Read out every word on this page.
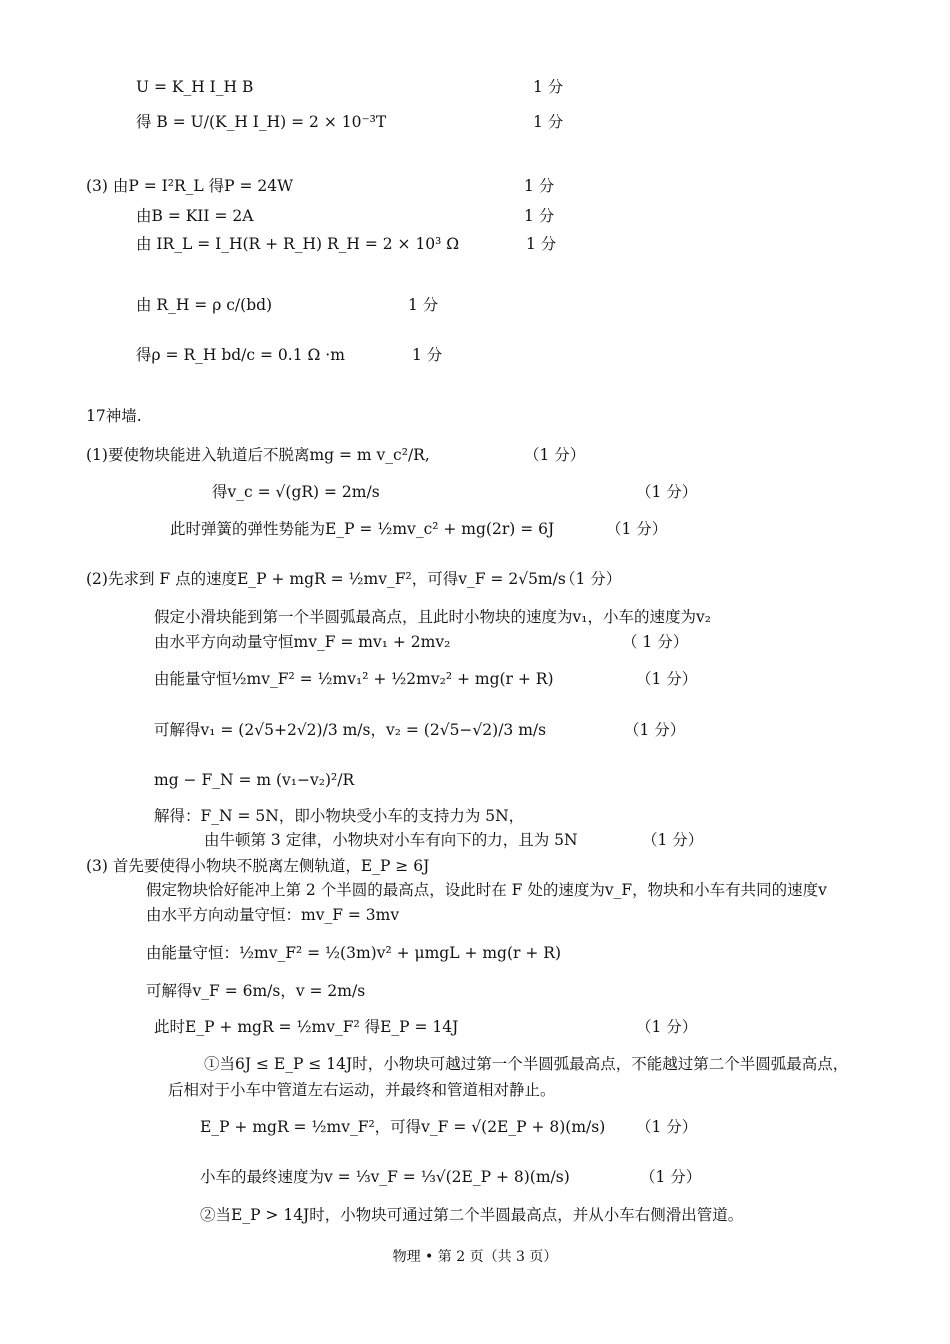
U = K_H I_H B	1 分
得 B = U/(K_H I_H) = 2 × 10⁻³T	1 分
(3) 由P = I²R_L 得P = 24W	1 分
由B = KII = 2A	1 分
由 IR_L = I_H(R + R_H) R_H = 2 × 10³ Ω	1 分
由 R_H = ρ c/(bd)	1 分
得ρ = R_H bd/c = 0.1 Ω ·m	1 分
17神墙.
(1)要使物块能进入轨道后不脱离mg = m v_c²/R,	（1 分）
得v_c = √(gR) = 2m/s	（1 分）
此时弹簧的弹性势能为E_P = ½mv_c² + mg(2r) = 6J	（1 分）
(2)先求到 F 点的速度E_P + mgR = ½mv_F²，可得v_F = 2√5m/s
（1 分）
假定小滑块能到第一个半圆弧最高点，且此时小物块的速度为v₁，小车的速度为v₂
由水平方向动量守恒mv_F = mv₁ + 2mv₂	（ 1 分）
由能量守恒½mv_F² = ½mv₁² + ½2mv₂² + mg(r + R)	（1 分）
可解得v₁ = (2√5+2√2)/3 m/s，v₂ = (2√5−√2)/3 m/s	（1 分）
mg − F_N = m (v₁−v₂)²/R
解得：F_N = 5N，即小物块受小车的支持力为 5N，
由牛顿第 3 定律，小物块对小车有向下的力，且为 5N	（1 分）
(3) 首先要使得小物块不脱离左侧轨道，E_P ≥ 6J
假定物块恰好能冲上第 2 个半圆的最高点，设此时在 F 处的速度为v_F，物块和小车有共同的速度v
由水平方向动量守恒：mv_F = 3mv
由能量守恒：½mv_F² = ½(3m)v² + μmgL + mg(r + R)
可解得v_F = 6m/s，v = 2m/s
此时E_P + mgR = ½mv_F² 得E_P = 14J	（1 分）
①当6J ≤ E_P ≤ 14J时，小物块可越过第一个半圆弧最高点，不能越过第二个半圆弧最高点，
后相对于小车中管道左右运动，并最终和管道相对静止。
E_P + mgR = ½mv_F²，可得v_F = √(2E_P + 8)(m/s) （1 分）
小车的最终速度为v = ⅓v_F = ⅓√(2E_P + 8)(m/s)	（1 分）
②当E_P > 14J时，小物块可通过第二个半圆最高点，并从小车右侧滑出管道。
物理 • 第 2 页（共 3 页）
